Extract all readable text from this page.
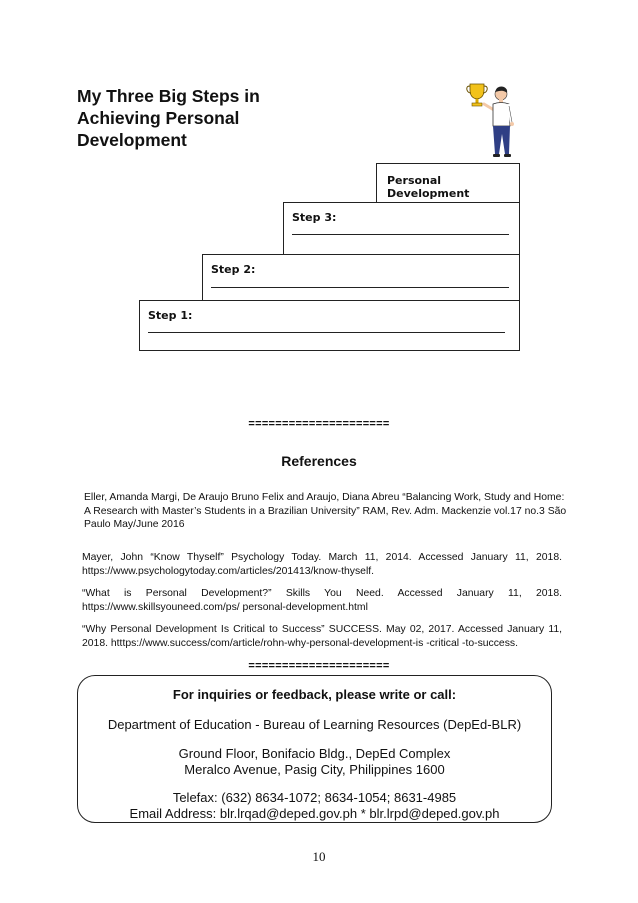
My Three Big Steps in Achieving Personal Development
Personal Development
Step 3:
Step 2:
Step 1:
=====================
References

Eller, Amanda Margi, De Araujo Bruno Felix and Araujo, Diana Abreu “Balancing Work, Study and Home: A Research with Master’s Students in a Brazilian University” RAM, Rev. Adm. Mackenzie vol.17 no.3 São Paulo May/June 2016

Mayer, John “Know Thyself” Psychology Today. March 11, 2014. Accessed January 11, 2018. https://www.psychologytoday.com/articles/201413/know-thyself.

“What is Personal Development?” Skills You Need. Accessed January 11, 2018. https://www.skillsyouneed.com/ps/ personal-development.html

“Why Personal Development Is Critical to Success” SUCCESS. May 02, 2017. Accessed January 11, 2018. htttps://www.success/com/article/rohn-why-personal-development-is -critical -to-success.

=====================

For inquiries or feedback, please write or call:

Department of Education - Bureau of Learning Resources (DepEd-BLR)

Ground Floor, Bonifacio Bldg., DepEd Complex

Meralco Avenue, Pasig City, Philippines 1600

Telefax: (632) 8634-1072; 8634-1054; 8631-4985

Email Address: blr.lrqad@deped.gov.ph * blr.lrpd@deped.gov.ph

10
